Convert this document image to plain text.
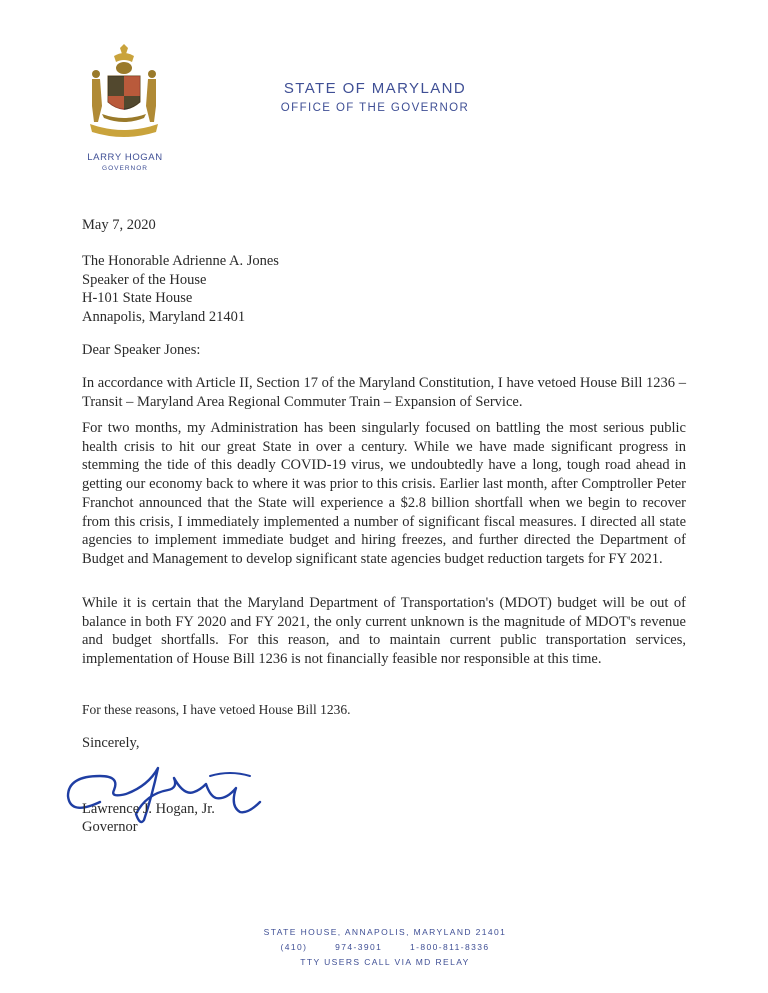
LARRY HOGAN
GOVERNOR
STATE OF MARYLAND
OFFICE OF THE GOVERNOR
May 7, 2020
The Honorable Adrienne A. Jones
Speaker of the House
H-101 State House
Annapolis, Maryland 21401
Dear Speaker Jones:

In accordance with Article II, Section 17 of the Maryland Constitution, I have vetoed House Bill 1236 – Transit – Maryland Area Regional Commuter Train – Expansion of Service.

For two months, my Administration has been singularly focused on battling the most serious public health crisis to hit our great State in over a century. While we have made significant progress in stemming the tide of this deadly COVID-19 virus, we undoubtedly have a long, tough road ahead in getting our economy back to where it was prior to this crisis. Earlier last month, after Comptroller Peter Franchot announced that the State will experience a $2.8 billion shortfall when we begin to recover from this crisis, I immediately implemented a number of significant fiscal measures. I directed all state agencies to implement immediate budget and hiring freezes, and further directed the Department of Budget and Management to develop significant state agencies budget reduction targets for FY 2021.

While it is certain that the Maryland Department of Transportation's (MDOT) budget will be out of balance in both FY 2020 and FY 2021, the only current unknown is the magnitude of MDOT's revenue and budget shortfalls. For this reason, and to maintain current public transportation services, implementation of House Bill 1236 is not financially feasible nor responsible at this time.

For these reasons, I have vetoed House Bill 1236.

Sincerely,
Lawrence J. Hogan, Jr.
Governor
STATE HOUSE, ANNAPOLIS, MARYLAND 21401
(410) 974-3901 1-800-811-8336
TTY USERS CALL VIA MD RELAY
